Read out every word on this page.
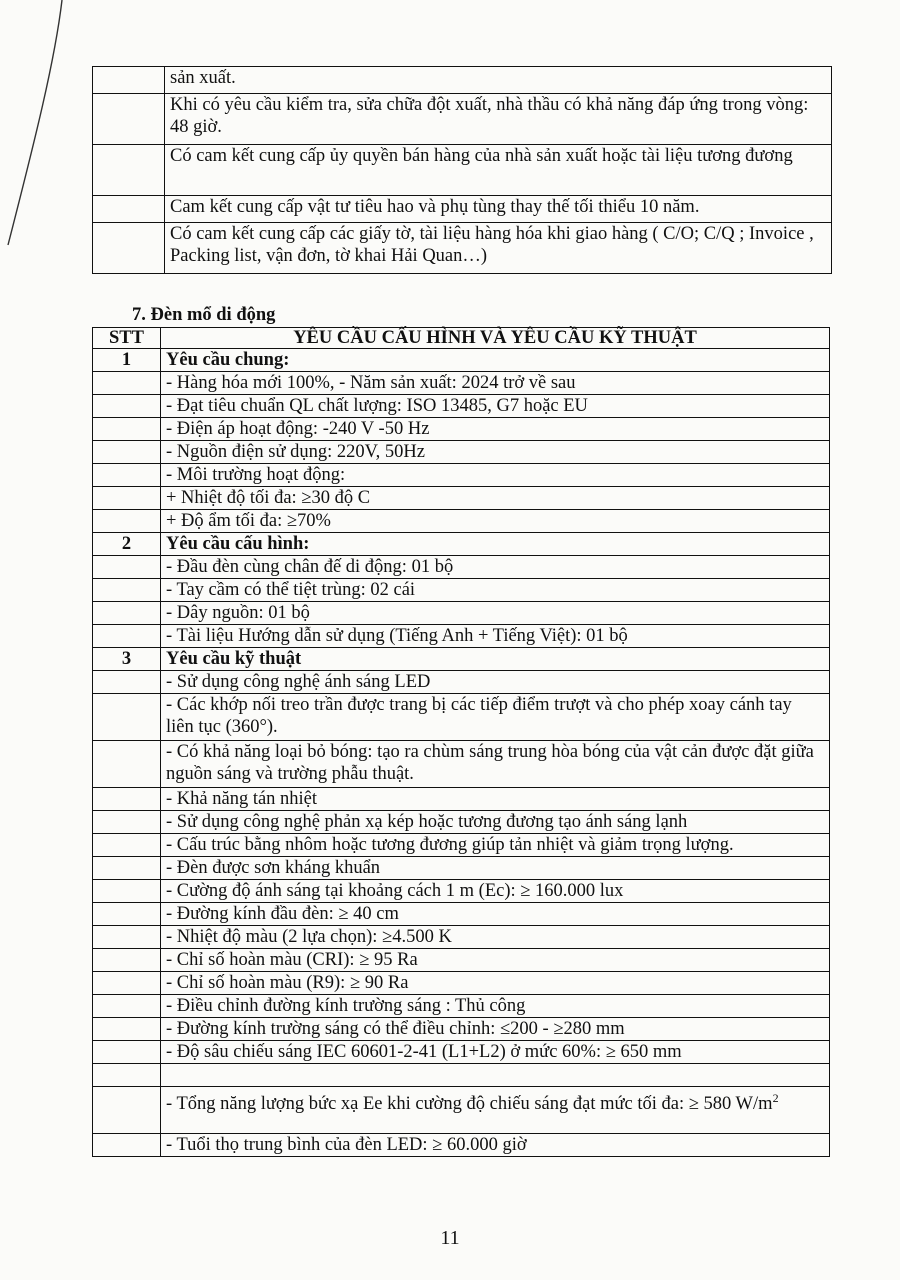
	sản xuất.
	Khi có yêu cầu kiểm tra, sửa chữa đột xuất, nhà thầu có khả năng đáp ứng trong vòng: 48 giờ.
	Có cam kết cung cấp ủy quyền bán hàng của nhà sản xuất hoặc tài liệu tương đương
	Cam kết cung cấp vật tư tiêu hao và phụ tùng thay thế tối thiểu 10 năm.
	Có cam kết cung cấp các giấy tờ, tài liệu hàng hóa khi giao hàng ( C/O; C/Q ; Invoice , Packing list, vận đơn, tờ khai Hải Quan…)
7. Đèn mổ di động
STT	YÊU CẦU CẤU HÌNH VÀ YÊU CẦU KỸ THUẬT
1	Yêu cầu chung:
	- Hàng hóa mới 100%, - Năm sản xuất: 2024 trở về sau
	- Đạt tiêu chuẩn QL chất lượng: ISO 13485, G7 hoặc EU
	- Điện áp hoạt động: -240 V -50 Hz
	- Nguồn điện sử dụng: 220V, 50Hz
	- Môi trường hoạt động:
	+ Nhiệt độ tối đa: ≥30 độ C
	+ Độ ẩm tối đa: ≥70%
2	Yêu cầu cấu hình:
	- Đầu đèn cùng chân đế di động: 01 bộ
	- Tay cầm có thể tiệt trùng: 02 cái
	- Dây nguồn: 01 bộ
	- Tài liệu Hướng dẫn sử dụng (Tiếng Anh + Tiếng Việt): 01 bộ
3	Yêu cầu kỹ thuật
	- Sử dụng công nghệ ánh sáng LED
	- Các khớp nối treo trần được trang bị các tiếp điểm trượt và cho phép xoay cánh tay liên tục (360°).
	- Có khả năng loại bỏ bóng: tạo ra chùm sáng trung hòa bóng của vật cản được đặt giữa nguồn sáng và trường phẫu thuật.
	- Khả năng tán nhiệt
	- Sử dụng công nghệ phản xạ kép hoặc tương đương tạo ánh sáng lạnh
	- Cấu trúc bằng nhôm hoặc tương đương giúp tản nhiệt và giảm trọng lượng.
	- Đèn được sơn kháng khuẩn
	- Cường độ ánh sáng tại khoảng cách 1 m (Ec): ≥ 160.000 lux
	- Đường kính đầu đèn: ≥ 40 cm
	- Nhiệt độ màu (2 lựa chọn): ≥4.500 K
	- Chỉ số hoàn màu (CRI): ≥ 95 Ra
	- Chỉ số hoàn màu (R9): ≥ 90 Ra
	- Điều chỉnh đường kính trường sáng : Thủ công
	- Đường kính trường sáng có thể điều chỉnh: ≤200 - ≥280 mm
	- Độ sâu chiếu sáng IEC 60601-2-41 (L1+L2) ở mức 60%: ≥ 650 mm

	- Tổng năng lượng bức xạ Ee khi cường độ chiếu sáng đạt mức tối đa: ≥ 580 $W/m^2$
	- Tuổi thọ trung bình của đèn LED: ≥ 60.000 giờ
11
